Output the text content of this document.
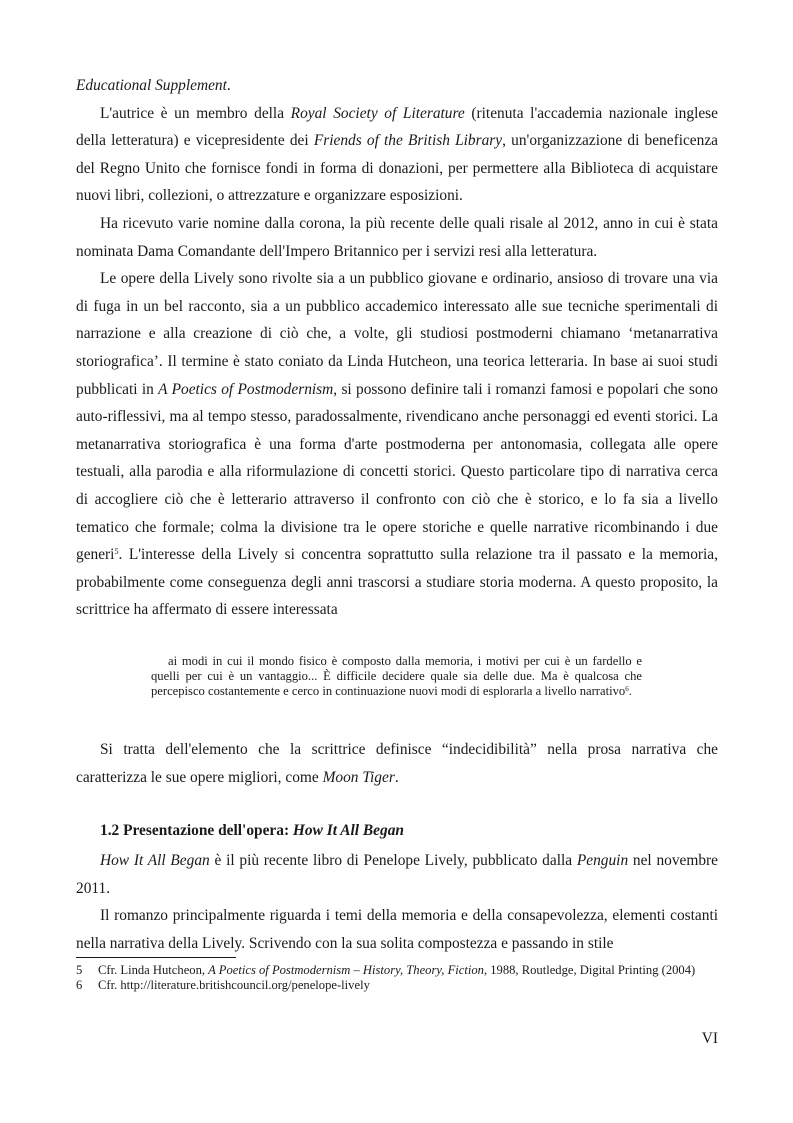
Educational Supplement.

L'autrice è un membro della Royal Society of Literature (ritenuta l'accademia nazionale inglese della letteratura) e vicepresidente dei Friends of the British Library, un'organizzazione di beneficenza del Regno Unito che fornisce fondi in forma di donazioni, per permettere alla Biblioteca di acquistare nuovi libri, collezioni, o attrezzature e organizzare esposizioni.

Ha ricevuto varie nomine dalla corona, la più recente delle quali risale al 2012, anno in cui è stata nominata Dama Comandante dell'Impero Britannico per i servizi resi alla letteratura.

Le opere della Lively sono rivolte sia a un pubblico giovane e ordinario, ansioso di trovare una via di fuga in un bel racconto, sia a un pubblico accademico interessato alle sue tecniche sperimentali di narrazione e alla creazione di ciò che, a volte, gli studiosi postmoderni chiamano ‘metanarrativa storiografica’. Il termine è stato coniato da Linda Hutcheon, una teorica letteraria. In base ai suoi studi pubblicati in A Poetics of Postmodernism, si possono definire tali i romanzi famosi e popolari che sono auto-riflessivi, ma al tempo stesso, paradossalmente, rivendicano anche personaggi ed eventi storici. La metanarrativa storiografica è una forma d'arte postmoderna per antonomasia, collegata alle opere testuali, alla parodia e alla riformulazione di concetti storici. Questo particolare tipo di narrativa cerca di accogliere ciò che è letterario attraverso il confronto con ciò che è storico, e lo fa sia a livello tematico che formale; colma la divisione tra le opere storiche e quelle narrative ricombinando i due generi$^5$. L'interesse della Lively si concentra soprattutto sulla relazione tra il passato e la memoria, probabilmente come conseguenza degli anni trascorsi a studiare storia moderna. A questo proposito, la scrittrice ha affermato di essere interessata

ai modi in cui il mondo fisico è composto dalla memoria, i motivi per cui è un fardello e quelli per cui è un vantaggio... È difficile decidere quale sia delle due. Ma è qualcosa che percepisco costantemente e cerco in continuazione nuovi modi di esplorarla a livello narrativo$^6$.

Si tratta dell'elemento che la scrittrice definisce “indecidibilità” nella prosa narrativa che caratterizza le sue opere migliori, come Moon Tiger.

1.2 Presentazione dell'opera: How It All Began

How It All Began è il più recente libro di Penelope Lively, pubblicato dalla Penguin nel novembre 2011.

Il romanzo principalmente riguarda i temi della memoria e della consapevolezza, elementi costanti nella narrativa della Lively. Scrivendo con la sua solita compostezza e passando in stile

5	Cfr. Linda Hutcheon, A Poetics of Postmodernism – History, Theory, Fiction, 1988, Routledge, Digital Printing (2004)
6	Cfr. http://literature.britishcouncil.org/penelope-lively
VI
